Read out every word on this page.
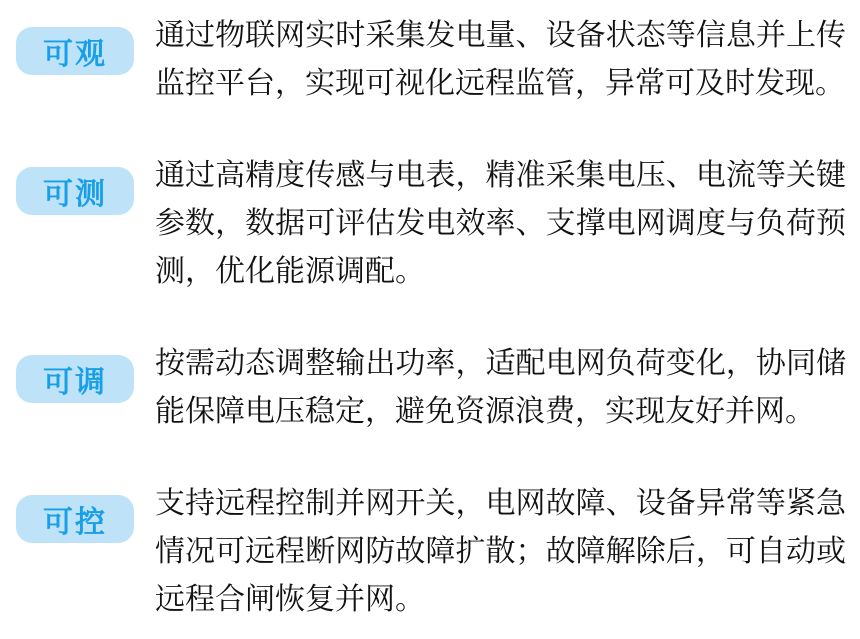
可观
通过物联网实时采集发电量、设备状态等信息并上传监控平台，实现可视化远程监管，异常可及时发现。
可测
通过高精度传感与电表，精准采集电压、电流等关键参数，数据可评估发电效率、支撑电网调度与负荷预测，优化能源调配。
可调
按需动态调整输出功率，适配电网负荷变化，协同储能保障电压稳定，避免资源浪费，实现友好并网。
可控
支持远程控制并网开关，电网故障、设备异常等紧急情况可远程断网防故障扩散；故障解除后，可自动或远程合闸恢复并网。
